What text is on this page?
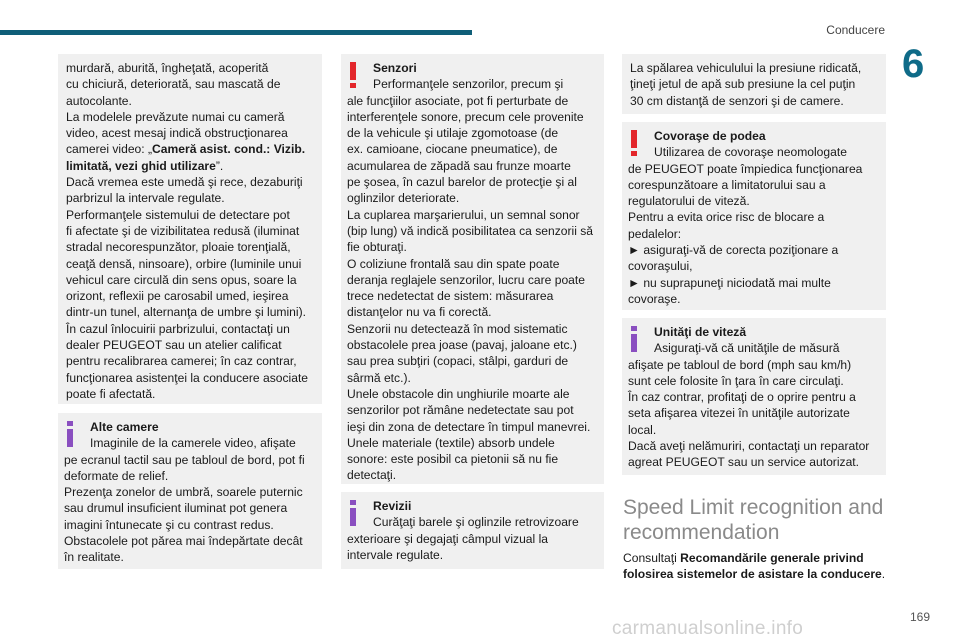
Conducere
6

murdară, aburită, îngheţată, acoperită

cu chiciură, deteriorată, sau mascată de

autocolante.

La modelele prevăzute numai cu cameră

video, acest mesaj indică obstrucţionarea

camerei video: „Cameră asist. cond.: Vizib.

limitată, vezi ghid utilizare”.

Dacă vremea este umedă şi rece, dezaburiţi

parbrizul la intervale regulate.

Performanţele sistemului de detectare pot

fi afectate şi de vizibilitatea redusă (iluminat

stradal necorespunzător, ploaie torenţială,

ceaţă densă, ninsoare), orbire (luminile unui

vehicul care circulă din sens opus, soare la

orizont, reflexii pe carosabil umed, ieşirea

dintr-un tunel, alternanţa de umbre şi lumini).

În cazul înlocuirii parbrizului, contactaţi un

dealer PEUGEOT sau un atelier calificat

pentru recalibrarea camerei; în caz contrar,

funcţionarea asistenţei la conducere asociate

poate fi afectată.

Alte camere

Imaginile de la camerele video, afişate

pe ecranul tactil sau pe tabloul de bord, pot fi

deformate de relief.

Prezenţa zonelor de umbră, soarele puternic

sau drumul insuficient iluminat pot genera

imagini întunecate şi cu contrast redus.

Obstacolele pot părea mai îndepărtate decât

în realitate.

Senzori

Performanţele senzorilor, precum şi

ale funcţiilor asociate, pot fi perturbate de

interferenţele sonore, precum cele provenite

de la vehicule şi utilaje zgomotoase (de

ex. camioane, ciocane pneumatice), de

acumularea de zăpadă sau frunze moarte

pe şosea, în cazul barelor de protecţie şi al

oglinzilor deteriorate.

La cuplarea marşarierului, un semnal sonor

(bip lung) vă indică posibilitatea ca senzorii să

fie obturaţi.

O coliziune frontală sau din spate poate

deranja reglajele senzorilor, lucru care poate

trece nedetectat de sistem: măsurarea

distanţelor nu va fi corectă.

Senzorii nu detectează în mod sistematic

obstacolele prea joase (pavaj, jaloane etc.)

sau prea subţiri (copaci, stâlpi, garduri de

sârmă etc.).

Unele obstacole din unghiurile moarte ale

senzorilor pot rămâne nedetectate sau pot

ieşi din zona de detectare în timpul manevrei.

Unele materiale (textile) absorb undele

sonore: este posibil ca pietonii să nu fie

detectaţi.

Revizii

Curăţaţi barele şi oglinzile retrovizoare

exterioare şi degajaţi câmpul vizual la

intervale regulate.

La spălarea vehiculului la presiune ridicată,

ţineţi jetul de apă sub presiune la cel puţin

30 cm distanţă de senzori şi de camere.

Covoraşe de podea

Utilizarea de covoraşe neomologate

de PEUGEOT poate împiedica funcţionarea

corespunzătoare a limitatorului sau a

regulatorului de viteză.

Pentru a evita orice risc de blocare a

pedalelor:

► asiguraţi-vă de corecta poziţionare a

covoraşului,

► nu suprapuneţi niciodată mai multe

covoraşe.

Unităţi de viteză

Asiguraţi-vă că unităţile de măsură

afişate pe tabloul de bord (mph sau km/h)

sunt cele folosite în ţara în care circulaţi.

În caz contrar, profitaţi de o oprire pentru a

seta afişarea vitezei în unităţile autorizate

local.

Dacă aveţi nelămuriri, contactaţi un reparator

agreat PEUGEOT sau un service autorizat.

Speed Limit recognition and recommendation
Consultaţi Recomandările generale privind folosirea sistemelor de asistare la conducere.
carmanualsonline.info
169
